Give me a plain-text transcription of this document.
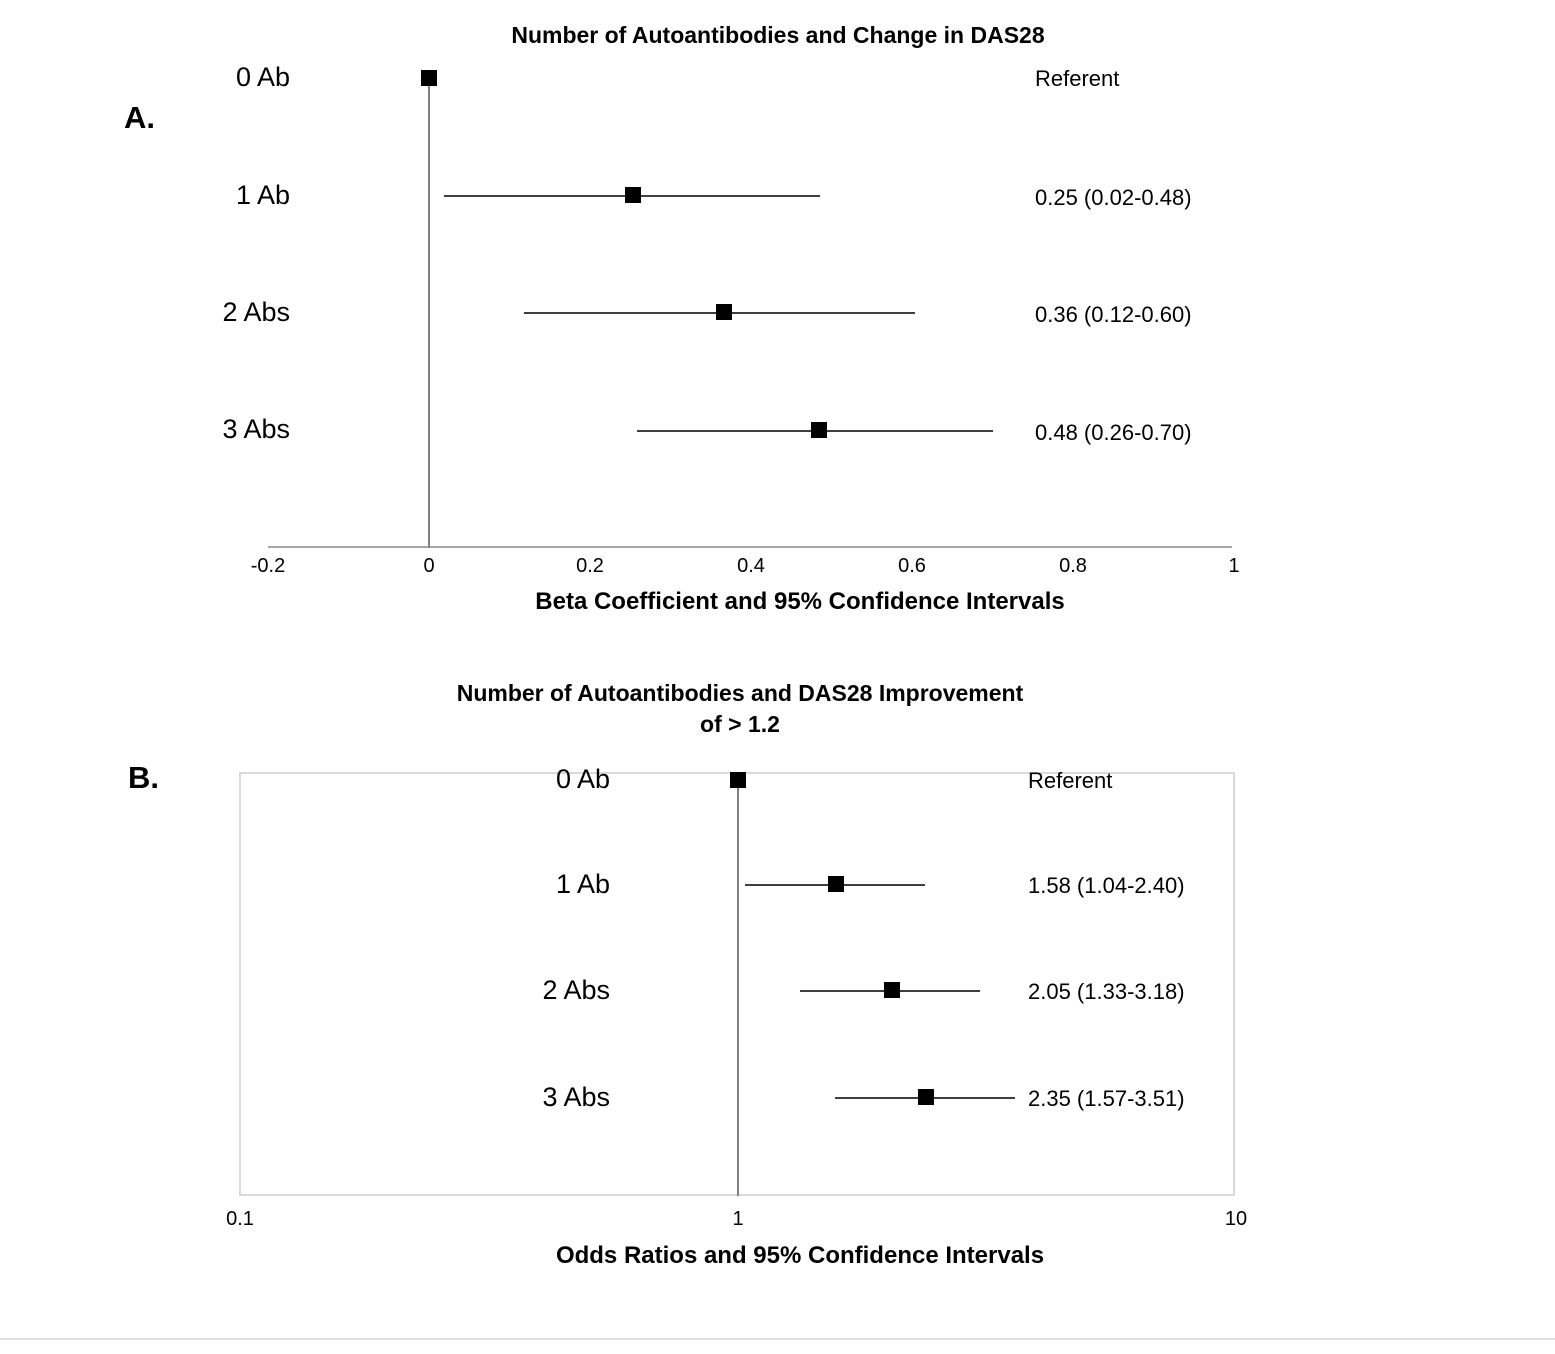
A.
Number of Autoantibodies and Change in DAS28
0 Ab	Referent
1 Ab	0.25 (0.02-0.48)
2 Abs	0.36 (0.12-0.60)
3 Abs	0.48 (0.26-0.70)
-0.2	0	0.2	0.4	0.6	0.8	1
Beta Coefficient and 95% Confidence Intervals
B.
Number of Autoantibodies and DAS28 Improvement
of > 1.2
0 Ab	Referent
1 Ab	1.58 (1.04-2.40)
2 Abs	2.05 (1.33-3.18)
3 Abs	2.35 (1.57-3.51)
0.1	1	10
Odds Ratios and 95% Confidence Intervals
